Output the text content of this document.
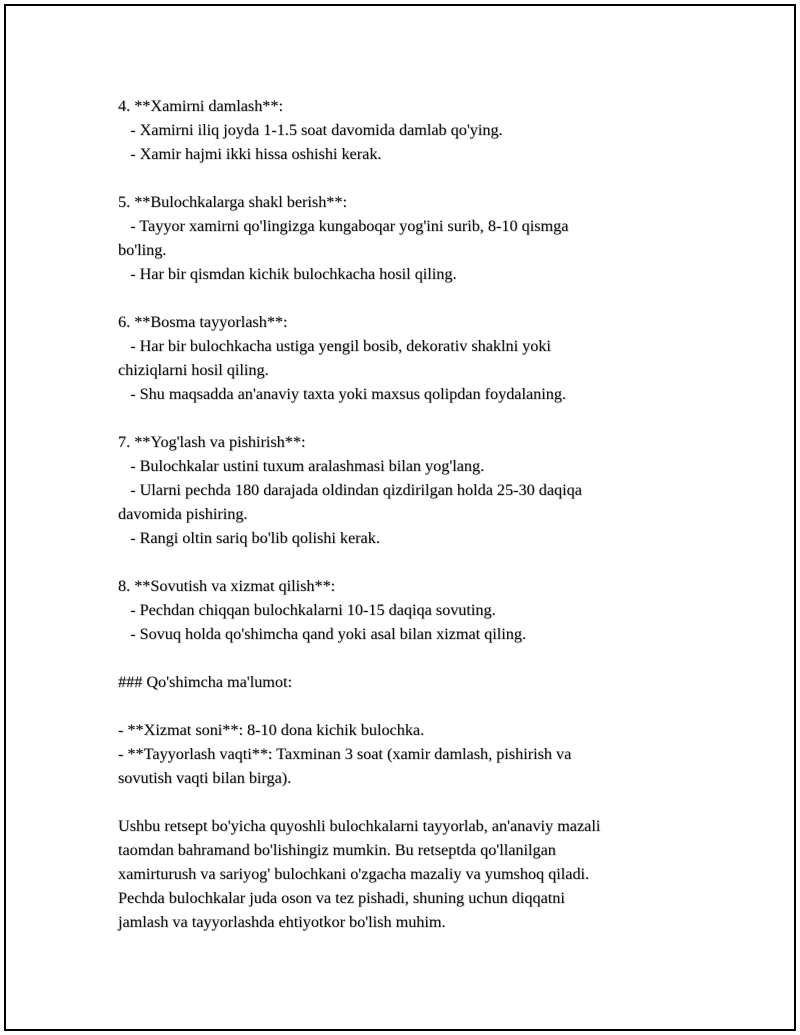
4. **Xamirni damlash**:
- Xamirni iliq joyda 1-1.5 soat davomida damlab qo'ying.
- Xamir hajmi ikki hissa oshishi kerak.
5. **Bulochkalarga shakl berish**:
- Tayyor xamirni qo'lingizga kungaboqar yog'ini surib, 8-10 qismga
bo'ling.
- Har bir qismdan kichik bulochkacha hosil qiling.
6. **Bosma tayyorlash**:
- Har bir bulochkacha ustiga yengil bosib, dekorativ shaklni yoki
chiziqlarni hosil qiling.
- Shu maqsadda an'anaviy taxta yoki maxsus qolipdan foydalaning.
7. **Yog'lash va pishirish**:
- Bulochkalar ustini tuxum aralashmasi bilan yog'lang.
- Ularni pechda 180 darajada oldindan qizdirilgan holda 25-30 daqiqa
davomida pishiring.
- Rangi oltin sariq bo'lib qolishi kerak.
8. **Sovutish va xizmat qilish**:
- Pechdan chiqqan bulochkalarni 10-15 daqiqa sovuting.
- Sovuq holda qo'shimcha qand yoki asal bilan xizmat qiling.
### Qo'shimcha ma'lumot:
- **Xizmat soni**: 8-10 dona kichik bulochka.
- **Tayyorlash vaqti**: Taxminan 3 soat (xamir damlash, pishirish va
sovutish vaqti bilan birga).
Ushbu retsept bo'yicha quyoshli bulochkalarni tayyorlab, an'anaviy mazali
taomdan bahramand bo'lishingiz mumkin. Bu retseptda qo'llanilgan
xamirturush va sariyog' bulochkani o'zgacha mazaliy va yumshoq qiladi.
Pechda bulochkalar juda oson va tez pishadi, shuning uchun diqqatni
jamlash va tayyorlashda ehtiyotkor bo'lish muhim.
